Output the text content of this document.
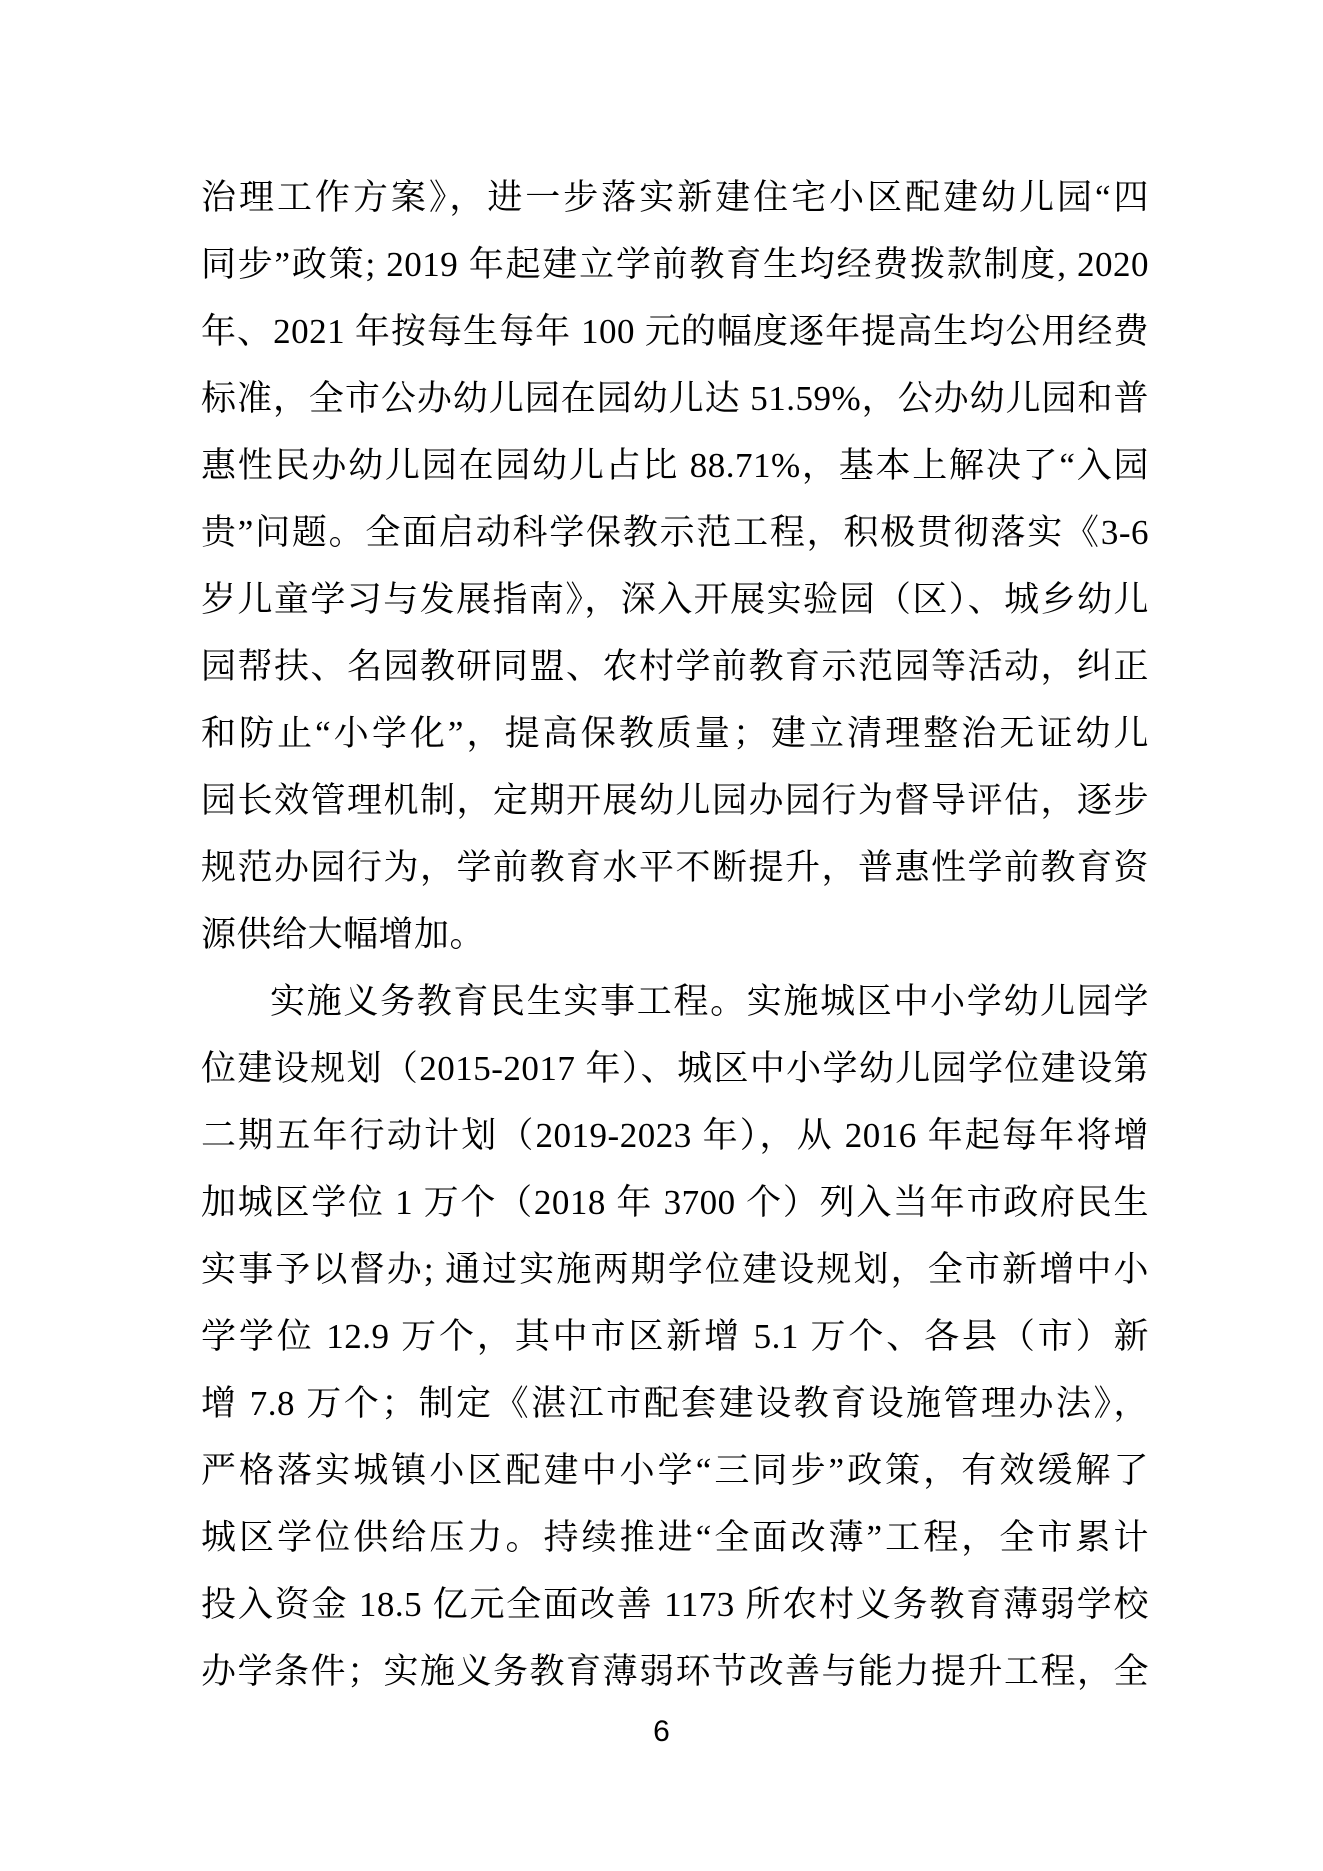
治理工作方案》，进一步落实新建住宅小区配建幼儿园“四
同步”政策; 2019 年起建立学前教育生均经费拨款制度, 2020
年、2021 年按每生每年 100 元的幅度逐年提高生均公用经费
标准，全市公办幼儿园在园幼儿达 51.59%，公办幼儿园和普
惠性民办幼儿园在园幼儿占比 88.71%，基本上解决了“入园
贵”问题。全面启动科学保教示范工程，积极贯彻落实《3-6
岁儿童学习与发展指南》，深入开展实验园（区）、城乡幼儿
园帮扶、名园教研同盟、农村学前教育示范园等活动，纠正
和防止“小学化”，提高保教质量；建立清理整治无证幼儿
园长效管理机制，定期开展幼儿园办园行为督导评估，逐步
规范办园行为，学前教育水平不断提升，普惠性学前教育资
源供给大幅增加。
实施义务教育民生实事工程。实施城区中小学幼儿园学
位建设规划（2015-2017 年）、城区中小学幼儿园学位建设第
二期五年行动计划（2019-2023 年），从 2016 年起每年将增
加城区学位 1 万个（2018 年 3700 个）列入当年市政府民生
实事予以督办; 通过实施两期学位建设规划，全市新增中小
学学位 12.9 万个，其中市区新增 5.1 万个、各县（市）新
增 7.8 万个；制定《湛江市配套建设教育设施管理办法》，
严格落实城镇小区配建中小学“三同步”政策，有效缓解了
城区学位供给压力。持续推进“全面改薄”工程，全市累计
投入资金 18.5 亿元全面改善 1173 所农村义务教育薄弱学校
办学条件；实施义务教育薄弱环节改善与能力提升工程，全
6
